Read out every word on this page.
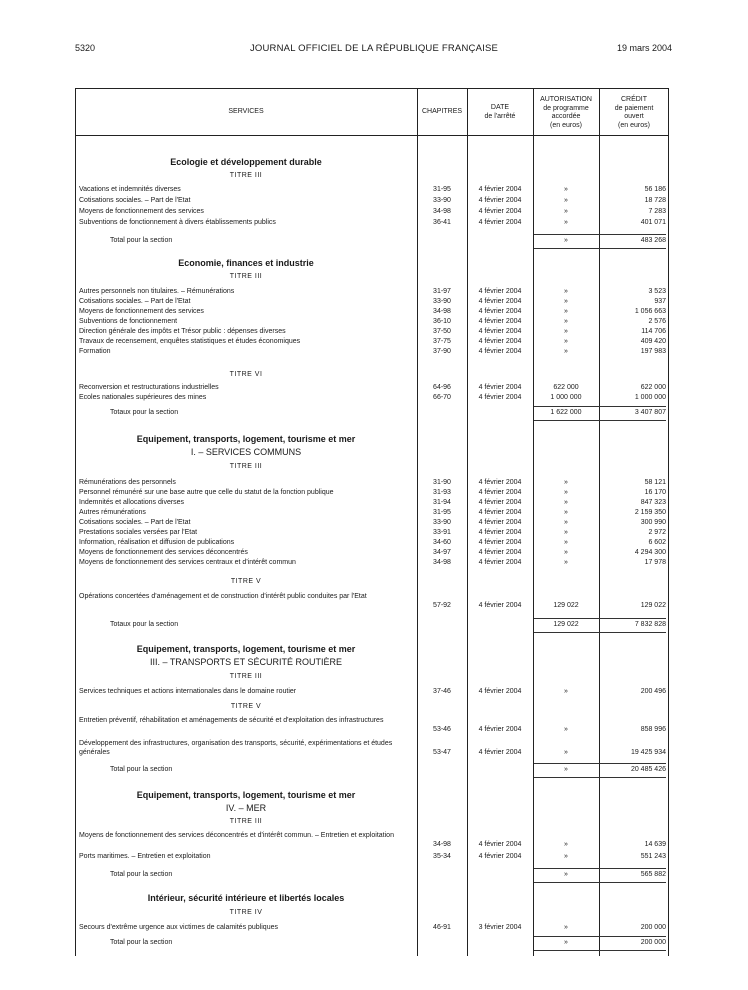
5320	JOURNAL OFFICIEL DE LA RÉPUBLIQUE FRANÇAISE	19 mars 2004
SERVICES	CHAPITRES
DATE
de l'arrêté
AUTORISATION
de programme
accordée
(en euros)
CRÉDIT
de paiement
ouvert
(en euros)
Ecologie et développement durable
TITRE III
Vacations et indemnités diverses	31-95	4 février 2004	»	56 186
Cotisations sociales. – Part de l'Etat	33-90	4 février 2004	»	18 728
Moyens de fonctionnement des services	34-98	4 février 2004	»	7 283
Subventions de fonctionnement à divers établissements publics	36-41	4 février 2004	»	401 071
Total pour la section	»	483 268
Economie, finances et industrie
TITRE III
Autres personnels non titulaires. – Rémunérations	31-97	4 février 2004	»	3 523
Cotisations sociales. – Part de l'Etat	33-90	4 février 2004	»	937
Moyens de fonctionnement des services	34-98	4 février 2004	»	1 056 663
Subventions de fonctionnement	36-10	4 février 2004	»	2 576
Direction générale des impôts et Trésor public : dépenses diverses	37-50	4 février 2004	»	114 706
Travaux de recensement, enquêtes statistiques et études économiques	37-75	4 février 2004	»	409 420
Formation	37-90	4 février 2004	»	197 983
TITRE VI
Reconversion et restructurations industrielles	64-96	4 février 2004	622 000	622 000
Ecoles nationales supérieures des mines	66-70	4 février 2004	1 000 000	1 000 000
Totaux pour la section	1 622 000	3 407 807
Equipement, transports, logement, tourisme et mer
I. – SERVICES COMMUNS
TITRE III
Rémunérations des personnels	31-90	4 février 2004	»	58 121
Personnel rémunéré sur une base autre que celle du statut de la fonction publique	31-93	4 février 2004	»	16 170
Indemnités et allocations diverses	31-94	4 février 2004	»	847 323
Autres rémunérations	31-95	4 février 2004	»	2 159 350
Cotisations sociales. – Part de l'Etat	33-90	4 février 2004	»	300 990
Prestations sociales versées par l'Etat	33-91	4 février 2004	»	2 972
Information, réalisation et diffusion de publications	34-60	4 février 2004	»	6 602
Moyens de fonctionnement des services déconcentrés	34-97	4 février 2004	»	4 294 300
Moyens de fonctionnement des services centraux et d'intérêt commun	34-98	4 février 2004	»	17 978
TITRE V
Opérations concertées d'aménagement et de construction d'intérêt public conduites par l'Etat
57-92	4 février 2004	129 022	129 022
Totaux pour la section	129 022	7 832 828
Equipement, transports, logement, tourisme et mer
III. – TRANSPORTS ET SÉCURITÉ ROUTIÈRE
TITRE III
Services techniques et actions internationales dans le domaine routier	37-46	4 février 2004	»	200 496
TITRE V
Entretien préventif, réhabilitation et aménagements de sécurité et d'exploitation des infrastructures
53-46	4 février 2004	»	858 996
Développement des infrastructures, organisation des transports, sécurité, expérimentations et études générales	53-47	4 février 2004	»	19 425 934
Total pour la section	»	20 485 426
Equipement, transports, logement, tourisme et mer
IV. – MER
TITRE III
Moyens de fonctionnement des services déconcentrés et d'intérêt commun. – Entretien et exploitation
34-98	4 février 2004	»	14 639
Ports maritimes. – Entretien et exploitation	35-34	4 février 2004	»	551 243
Total pour la section	»	565 882
Intérieur, sécurité intérieure et libertés locales
TITRE IV
Secours d'extrême urgence aux victimes de calamités publiques	46-91	3 février 2004	»	200 000
Total pour la section	»	200 000
